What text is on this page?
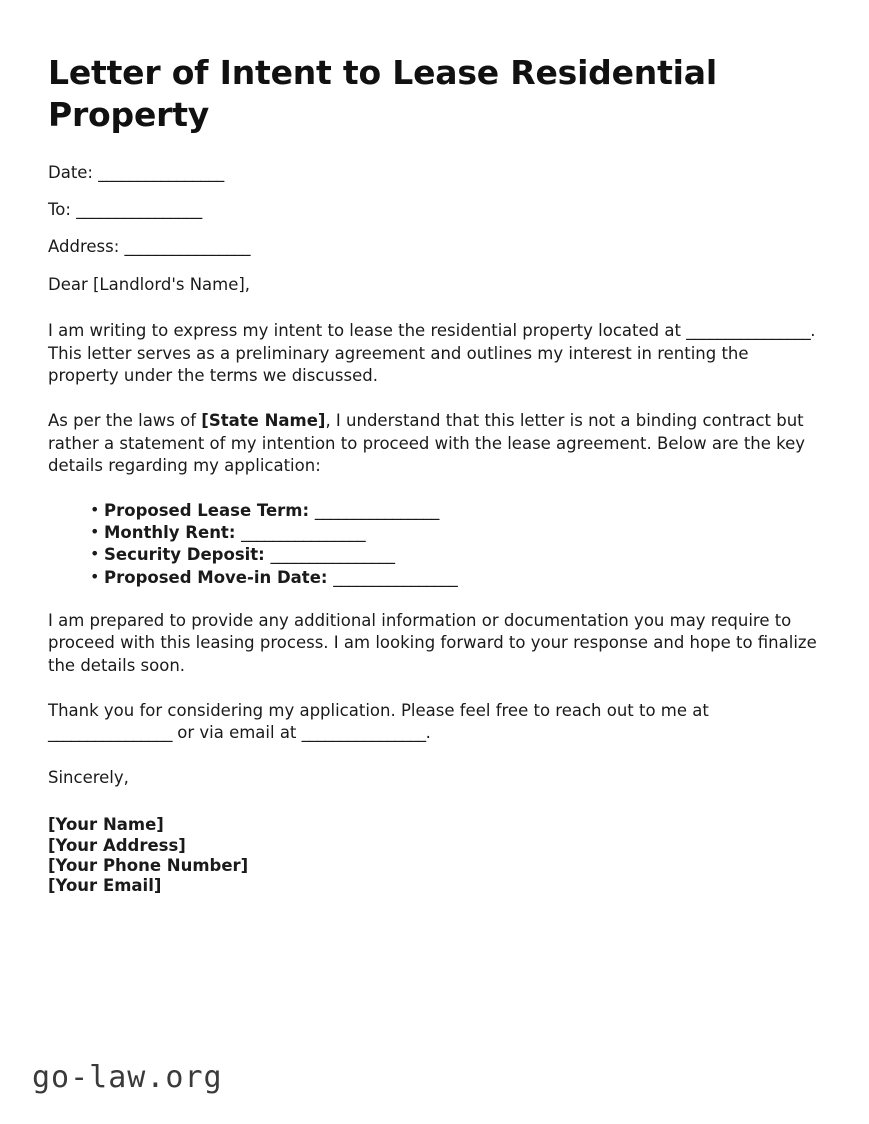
Letter of Intent to Lease Residential Property
Date: ________________
To: ________________
Address: ________________
Dear [Landlord's Name],

I am writing to express my intent to lease the residential property located at ________________. This letter serves as a preliminary agreement and outlines my interest in renting the property under the terms we discussed.

As per the laws of [State Name], I understand that this letter is not a binding contract but rather a statement of my intention to proceed with the lease agreement. Below are the key details regarding my application:

• Proposed Lease Term: ________________
• Monthly Rent: ________________
• Security Deposit: ________________
• Proposed Move-in Date: ________________

I am prepared to provide any additional information or documentation you may require to proceed with this leasing process. I am looking forward to your response and hope to finalize the details soon.

Thank you for considering my application. Please feel free to reach out to me at ________________ or via email at ________________.

Sincerely,
[Your Name]
[Your Address]
[Your Phone Number]
[Your Email]
go-law.org
